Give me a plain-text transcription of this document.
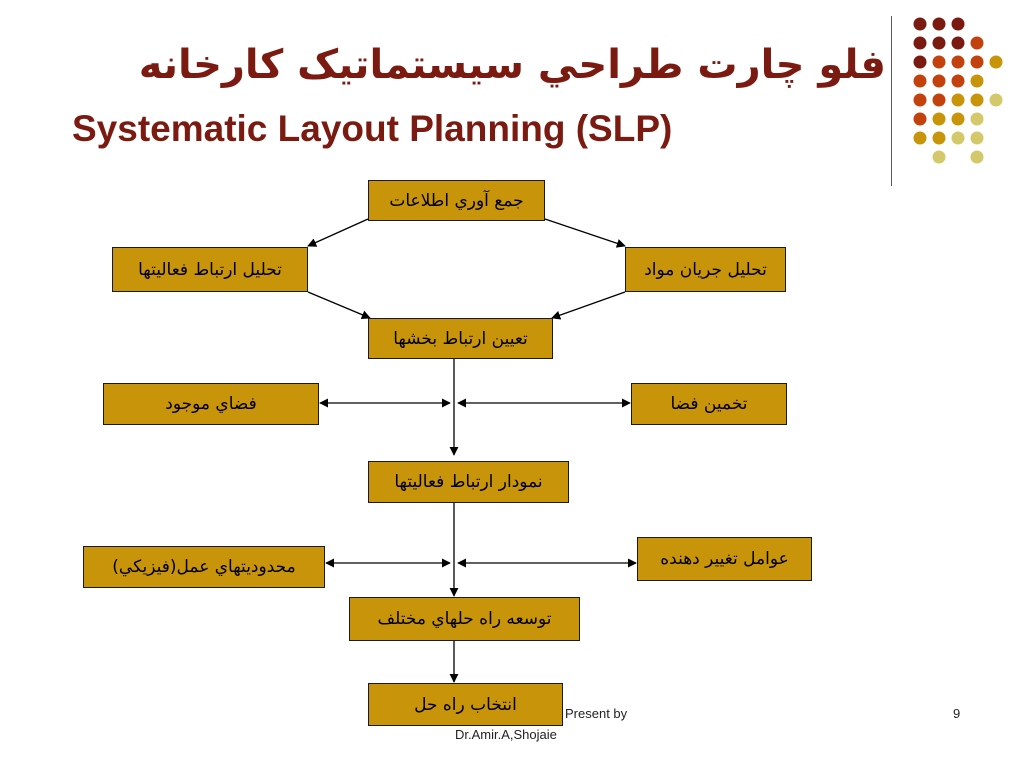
فلو چارت طراحي سيستماتيک کارخانه
Systematic Layout Planning (SLP)
جمع آوري اطلاعات
تحليل ارتباط فعاليتها	تحليل جريان مواد
تعيين ارتباط بخشها
فضاي موجود	تخمين فضا
نمودار ارتباط فعاليتها
محدوديتهاي عمل(فيزيکي)	عوامل تغيير دهنده
توسعه راه حلهاي مختلف
انتخاب راه حل	Present by
Dr.Amir.A,Shojaie
9
